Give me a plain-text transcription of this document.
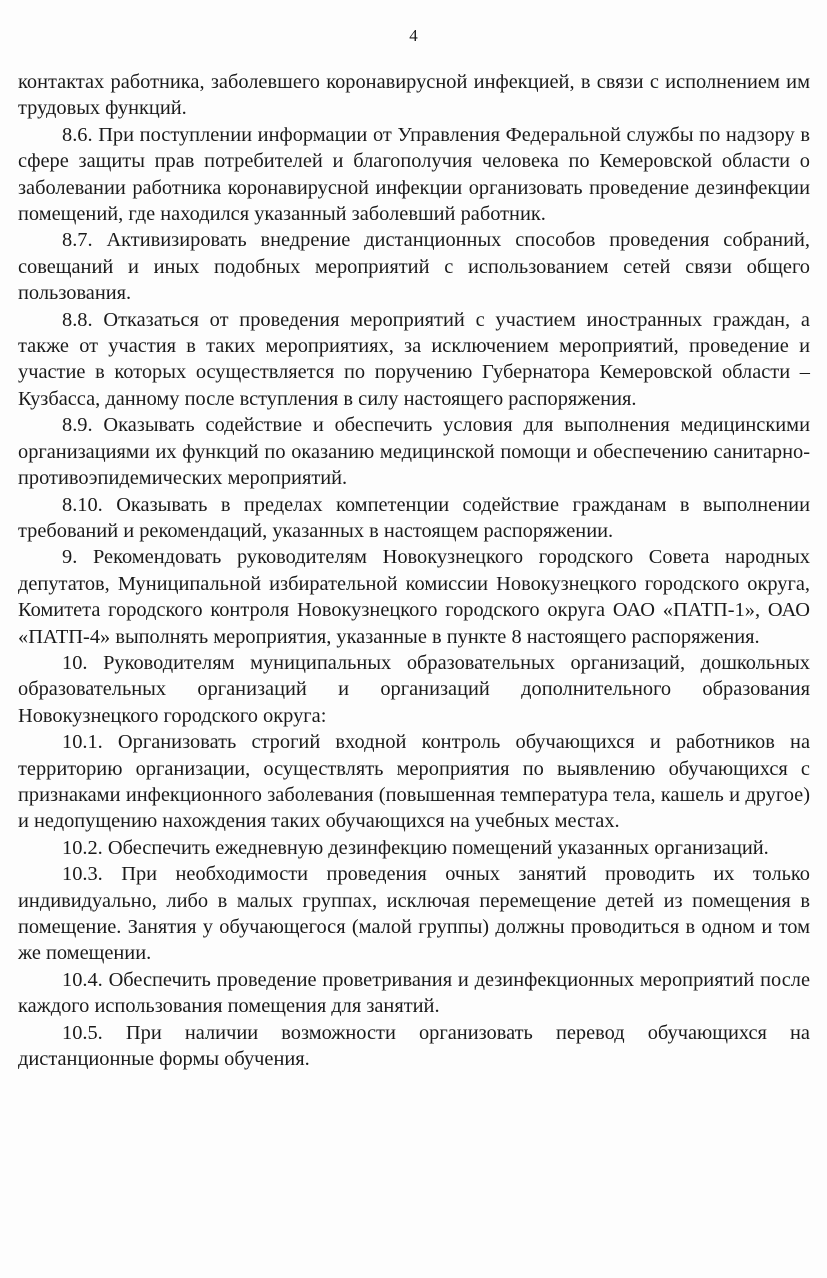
4

контактах работника, заболевшего коронавирусной инфекцией, в связи с исполнением им трудовых функций.

8.6. При поступлении информации от Управления Федеральной службы по надзору в сфере защиты прав потребителей и благополучия человека по Кемеровской области о заболевании работника коронавирусной инфекции организовать проведение дезинфекции помещений, где находился указанный заболевший работник.

8.7. Активизировать внедрение дистанционных способов проведения собраний, совещаний и иных подобных мероприятий с использованием сетей связи общего пользования.

8.8. Отказаться от проведения мероприятий с участием иностранных граждан, а также от участия в таких мероприятиях, за исключением мероприятий, проведение и участие в которых осуществляется по поручению Губернатора Кемеровской области – Кузбасса, данному после вступления в силу настоящего распоряжения.

8.9. Оказывать содействие и обеспечить условия для выполнения медицинскими организациями их функций по оказанию медицинской помощи и обеспечению санитарно-противоэпидемических мероприятий.

8.10. Оказывать в пределах компетенции содействие гражданам в выполнении требований и рекомендаций, указанных в настоящем распоряжении.

9. Рекомендовать руководителям Новокузнецкого городского Совета народных депутатов, Муниципальной избирательной комиссии Новокузнецкого городского округа, Комитета городского контроля Новокузнецкого городского округа ОАО «ПАТП-1», ОАО «ПАТП-4» выполнять мероприятия, указанные в пункте 8 настоящего распоряжения.

10. Руководителям муниципальных образовательных организаций, дошкольных образовательных организаций и организаций дополнительного образования Новокузнецкого городского округа:

10.1. Организовать строгий входной контроль обучающихся и работников на территорию организации, осуществлять мероприятия по выявлению обучающихся с признаками инфекционного заболевания (повышенная температура тела, кашель и другое) и недопущению нахождения таких обучающихся на учебных местах.

10.2. Обеспечить ежедневную дезинфекцию помещений указанных организаций.

10.3. При необходимости проведения очных занятий проводить их только индивидуально, либо в малых группах, исключая перемещение детей из помещения в помещение. Занятия у обучающегося (малой группы) должны проводиться в одном и том же помещении.

10.4. Обеспечить проведение проветривания и дезинфекционных мероприятий после каждого использования помещения для занятий.

10.5. При наличии возможности организовать перевод обучающихся на дистанционные формы обучения.
